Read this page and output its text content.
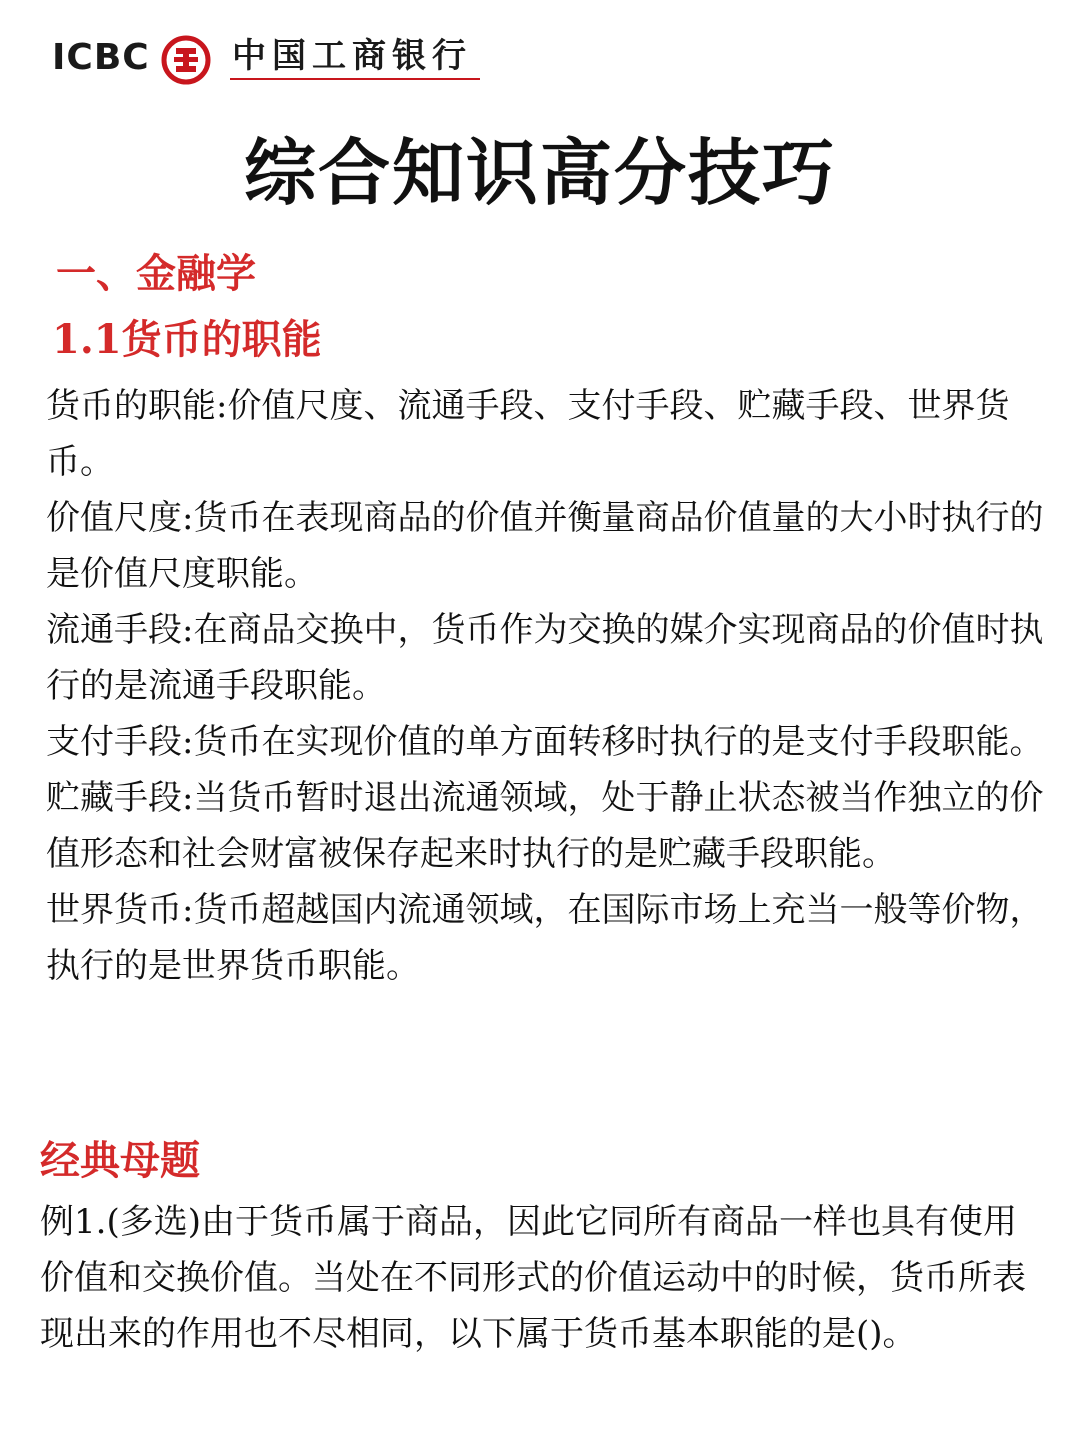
ICBC 中国工商银行
综合知识高分技巧
一、金融学
1.1货币的职能

货币的职能:价值尺度、流通手段、支付手段、贮藏手段、世界货币。

价值尺度:货币在表现商品的价值并衡量商品价值量的大小时执行的是价值尺度职能。

流通手段:在商品交换中，货币作为交换的媒介实现商品的价值时执行的是流通手段职能。

支付手段:货币在实现价值的单方面转移时执行的是支付手段职能。

贮藏手段:当货币暂时退出流通领域，处于静止状态被当作独立的价值形态和社会财富被保存起来时执行的是贮藏手段职能。

世界货币:货币超越国内流通领域，在国际市场上充当一般等价物，执行的是世界货币职能。

经典母题

例1.(多选)由于货币属于商品，因此它同所有商品一样也具有使用价值和交换价值。当处在不同形式的价值运动中的时候，货币所表现出来的作用也不尽相同，以下属于货币基本职能的是()。
